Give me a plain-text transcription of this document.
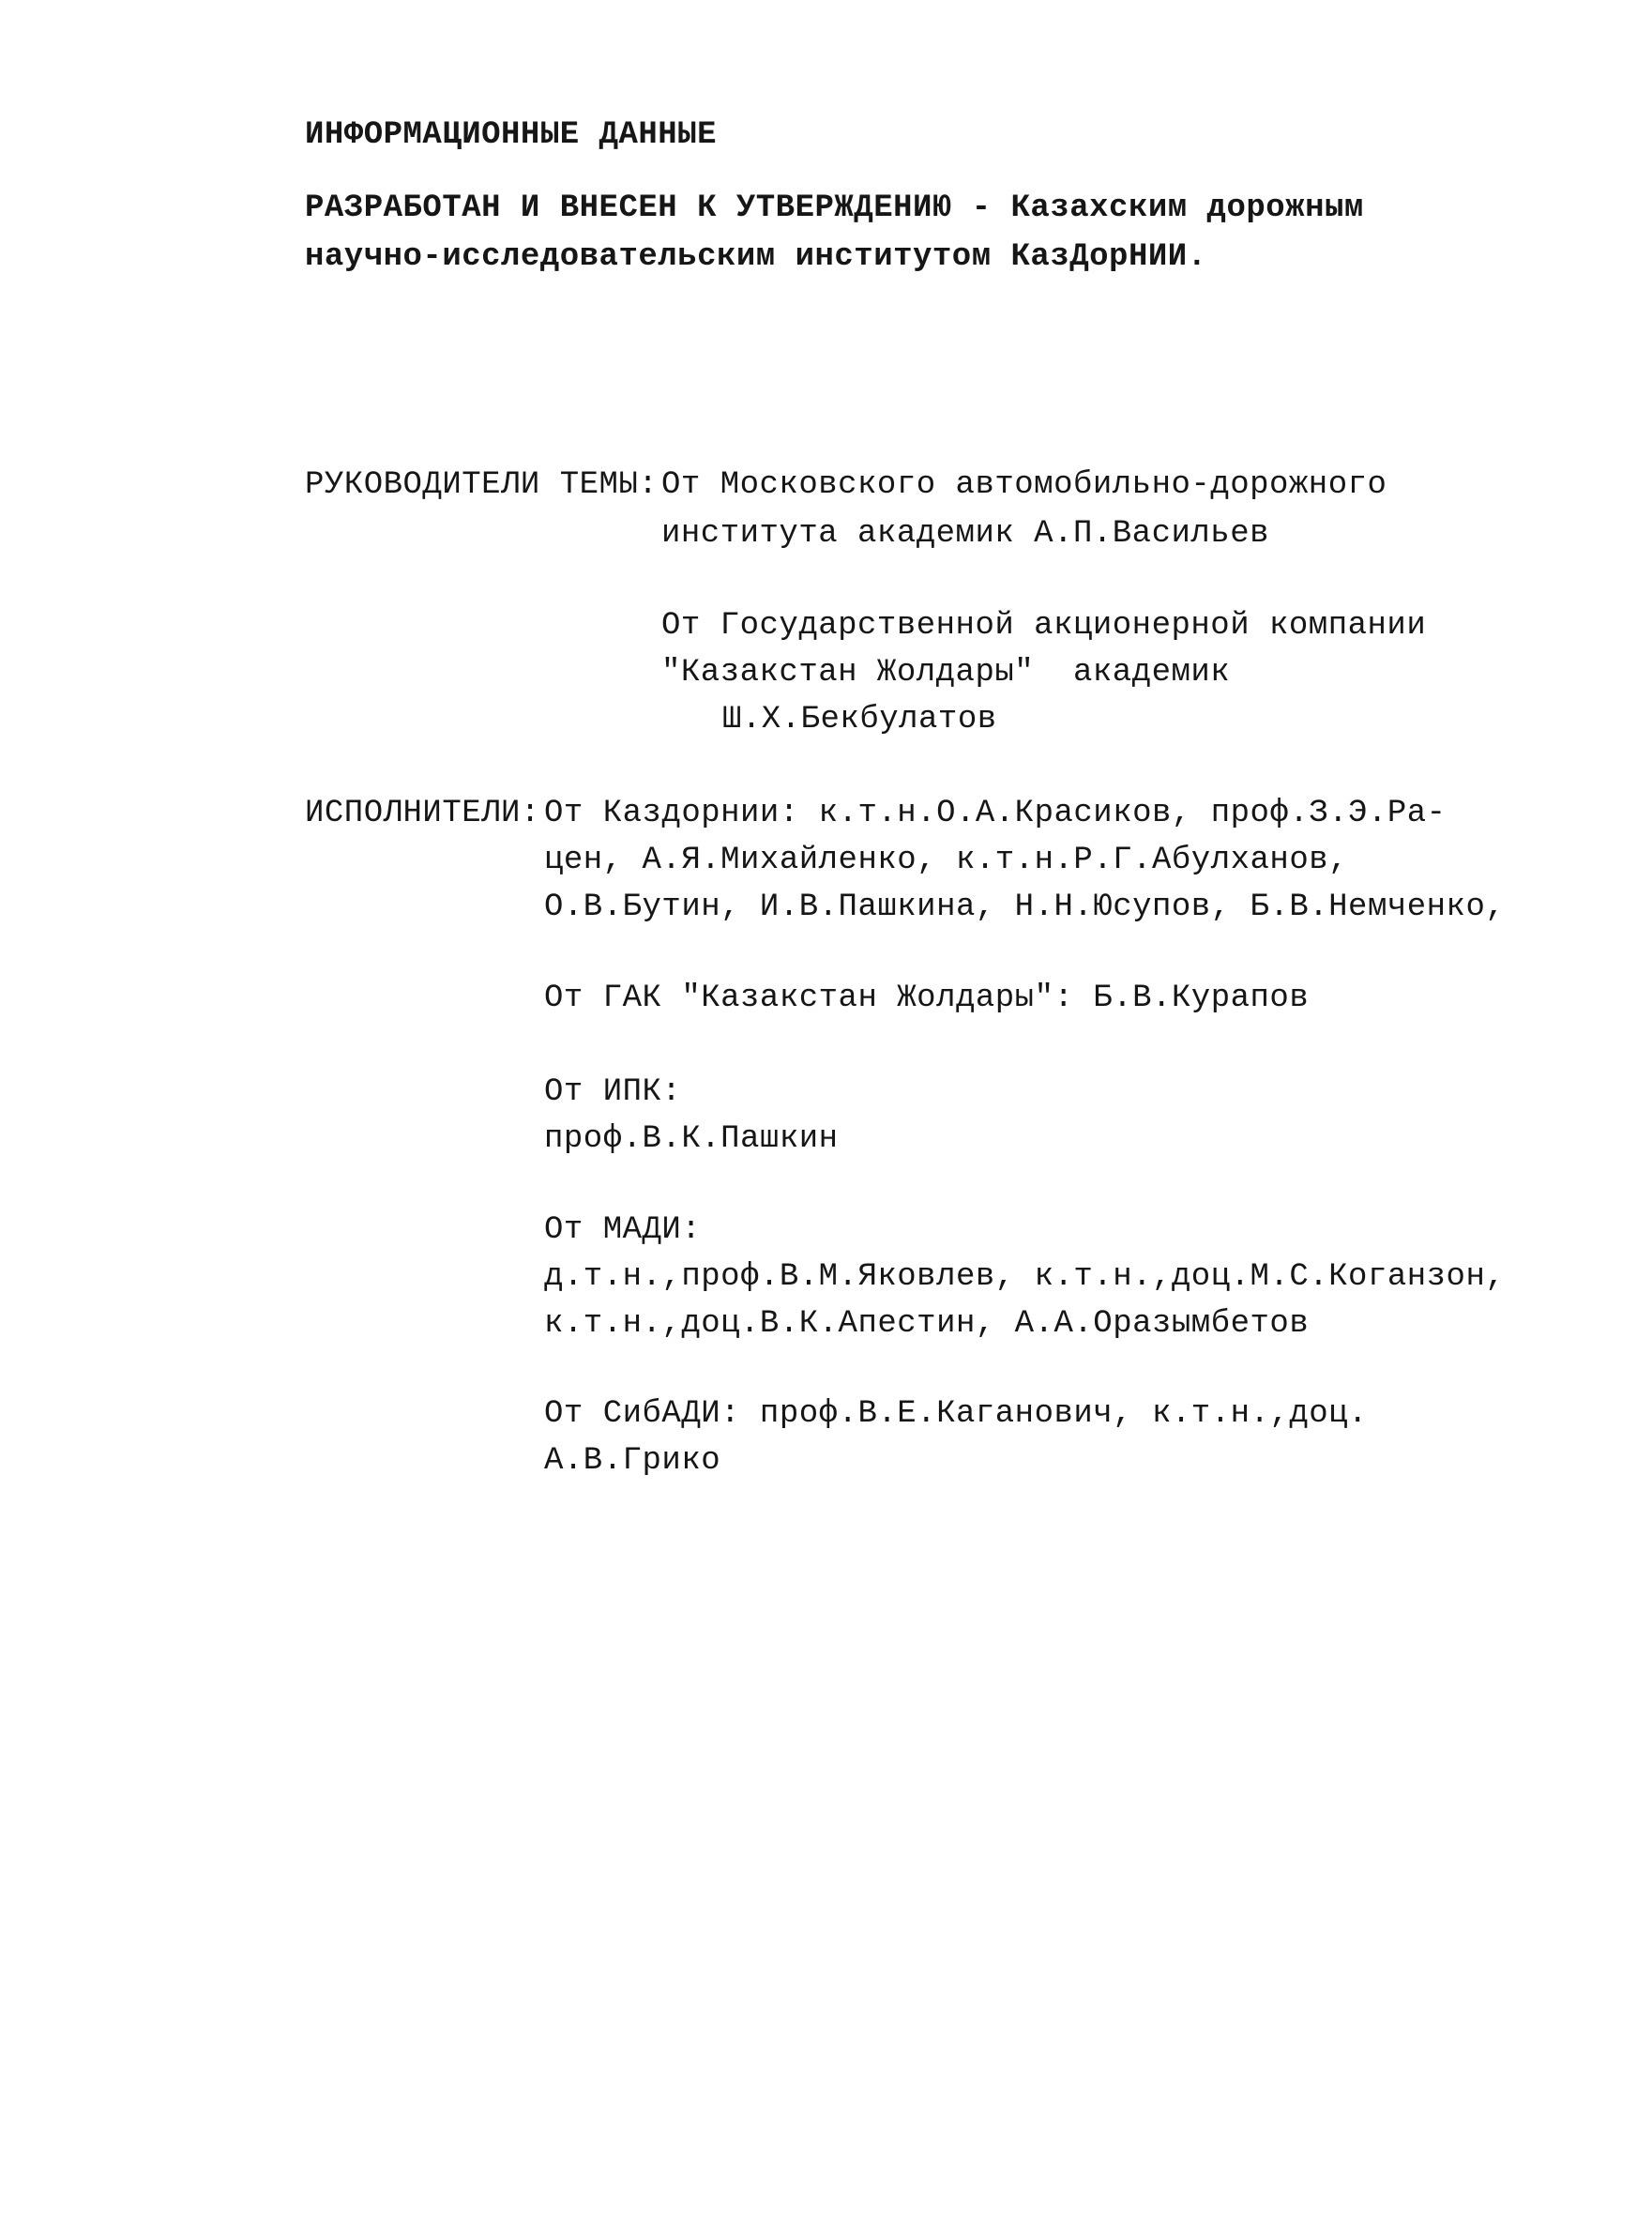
ИНФОРМАЦИОННЫЕ ДАННЫЕ
РАЗРАБОТАН И ВНЕСЕН К УТВЕРЖДЕНИЮ - Казахским дорожным
научно-исследовательским институтом КазДорНИИ.
РУКОВОДИТЕЛИ ТЕМЫ: От Московского автомобильно-дорожного
института академик А.П.Васильев
От Государственной акционерной компании
"Казакстан Жолдары"  академик
Ш.Х.Бекбулатов
ИСПОЛНИТЕЛИ: От Каздорнии: к.т.н.О.А.Красиков, проф.З.Э.Ра-
цен, А.Я.Михайленко, к.т.н.Р.Г.Абулханов,
О.В.Бутин, И.В.Пашкина, Н.Н.Юсупов, Б.В.Немченко,
От ГАК "Казакстан Жолдары": Б.В.Курапов
От ИПК:
проф.В.К.Пашкин
От МАДИ:
д.т.н.,проф.В.М.Яковлев, к.т.н.,доц.М.С.Коганзон,
к.т.н.,доц.В.К.Апестин, А.А.Оразымбетов
От СибАДИ: проф.В.Е.Каганович, к.т.н.,доц.
А.В.Грико
